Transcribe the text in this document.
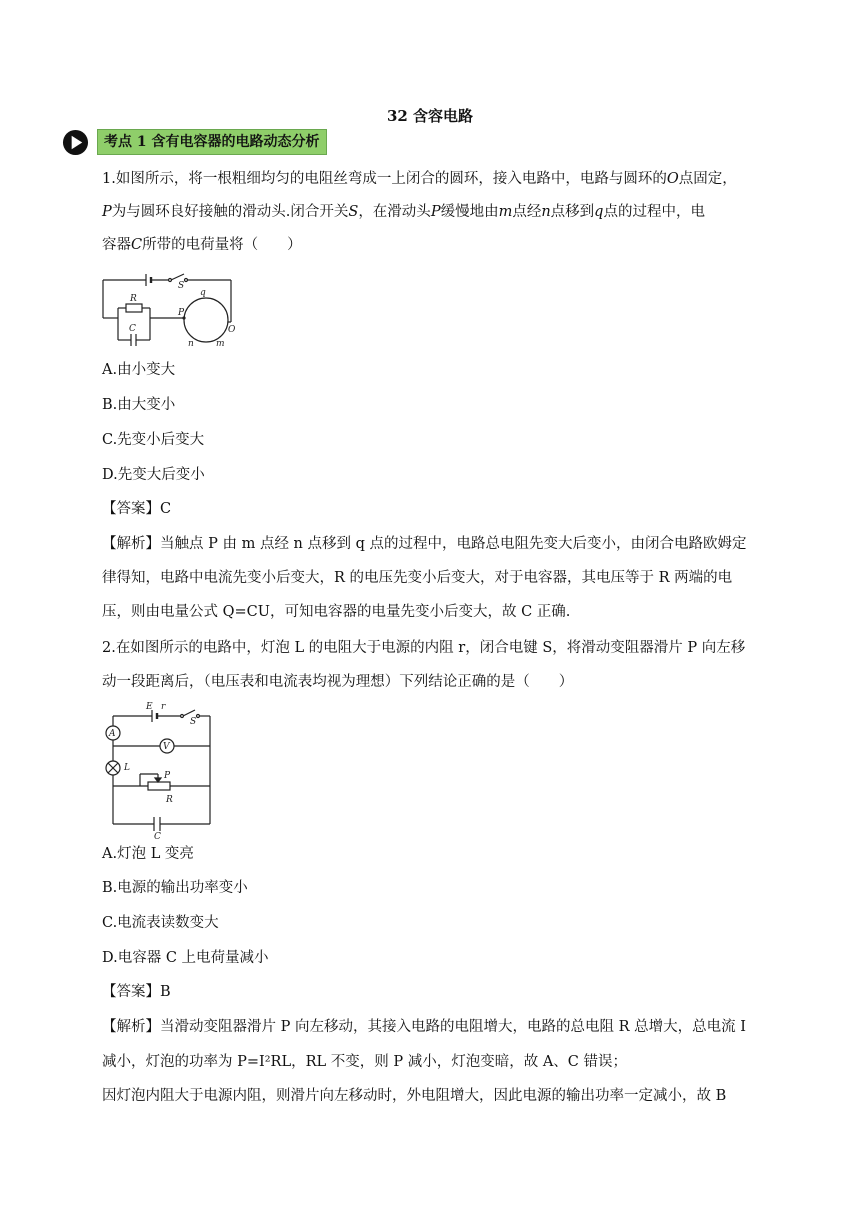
32 含容电路
考点 1 含有电容器的电路动态分析
1.如图所示，将一根粗细均匀的电阻丝弯成一上闭合的圆环，接入电路中，电路与圆环的O点固定，
P为与圆环良好接触的滑动头.闭合开关S，在滑动头P缓慢地由m点经n点移到q点的过程中，电
容器C所带的电荷量将（　　）
S
R
C
P
q
O
n m
A.由小变大
B.由大变小
C.先变小后变大
D.先变大后变小
【答案】C
【解析】当触点 P 由 m 点经 n 点移到 q 点的过程中，电路总电阻先变大后变小，由闭合电路欧姆定
律得知，电路中电流先变小后变大，R 的电压先变小后变大，对于电容器，其电压等于 R 两端的电
压，则由电量公式 Q=CU，可知电容器的电量先变小后变大，故 C 正确.
2.在如图所示的电路中，灯泡 L 的电阻大于电源的内阻 r，闭合电键 S，将滑动变阻器滑片 P 向左移
动一段距离后，（电压表和电流表均视为理想）下列结论正确的是（　　）
E r
S
A
V
L
P
R
C
A.灯泡 L 变亮
B.电源的输出功率变小
C.电流表读数变大
D.电容器 C 上电荷量减小
【答案】B
【解析】当滑动变阻器滑片 P 向左移动，其接入电路的电阻增大，电路的总电阻 R 总增大，总电流 I
减小，灯泡的功率为 P=I²RL，RL 不变，则 P 减小，灯泡变暗，故 A、C 错误；
因灯泡内阻大于电源内阻，则滑片向左移动时，外电阻增大，因此电源的输出功率一定减小，故 B
